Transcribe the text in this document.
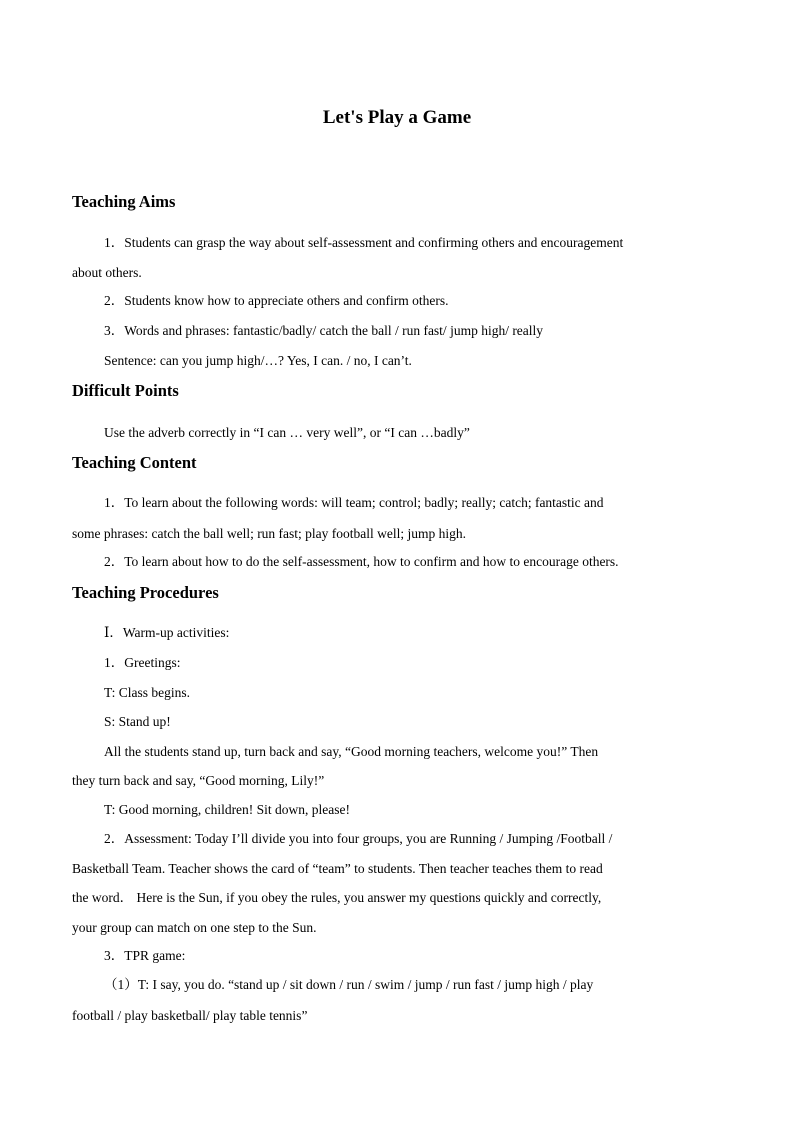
Let's Play a Game
Teaching Aims
1．Students can grasp the way about self-assessment and confirming others and encouragement
about others.
2．Students know how to appreciate others and confirm others.
3．Words and phrases: fantastic/badly/ catch the ball / run fast/ jump high/ really
Sentence: can you jump high/…? Yes, I can. / no, I can’t.
Difficult Points
Use the adverb correctly in “I can … very well”, or “I can …badly”
Teaching Content
1．To learn about the following words: will team; control; badly; really; catch; fantastic and
some phrases: catch the ball well; run fast; play football well; jump high.
2．To learn about how to do the self-assessment, how to confirm and how to encourage others.
Teaching Procedures
Ⅰ．Warm-up activities:
1．Greetings:
T: Class begins.
S: Stand up!
All the students stand up, turn back and say, “Good morning teachers, welcome you!” Then
they turn back and say, “Good morning, Lily!”
T: Good morning, children! Sit down, please!
2．Assessment: Today I’ll divide you into four groups, you are Running / Jumping /Football /
Basketball Team. Teacher shows the card of “team” to students. Then teacher teaches them to read
the word． Here is the Sun, if you obey the rules, you answer my questions quickly and correctly,
your group can match on one step to the Sun.
3．TPR game:
（1）T: I say, you do. “stand up / sit down / run / swim / jump / run fast / jump high / play
football / play basketball/ play table tennis”
